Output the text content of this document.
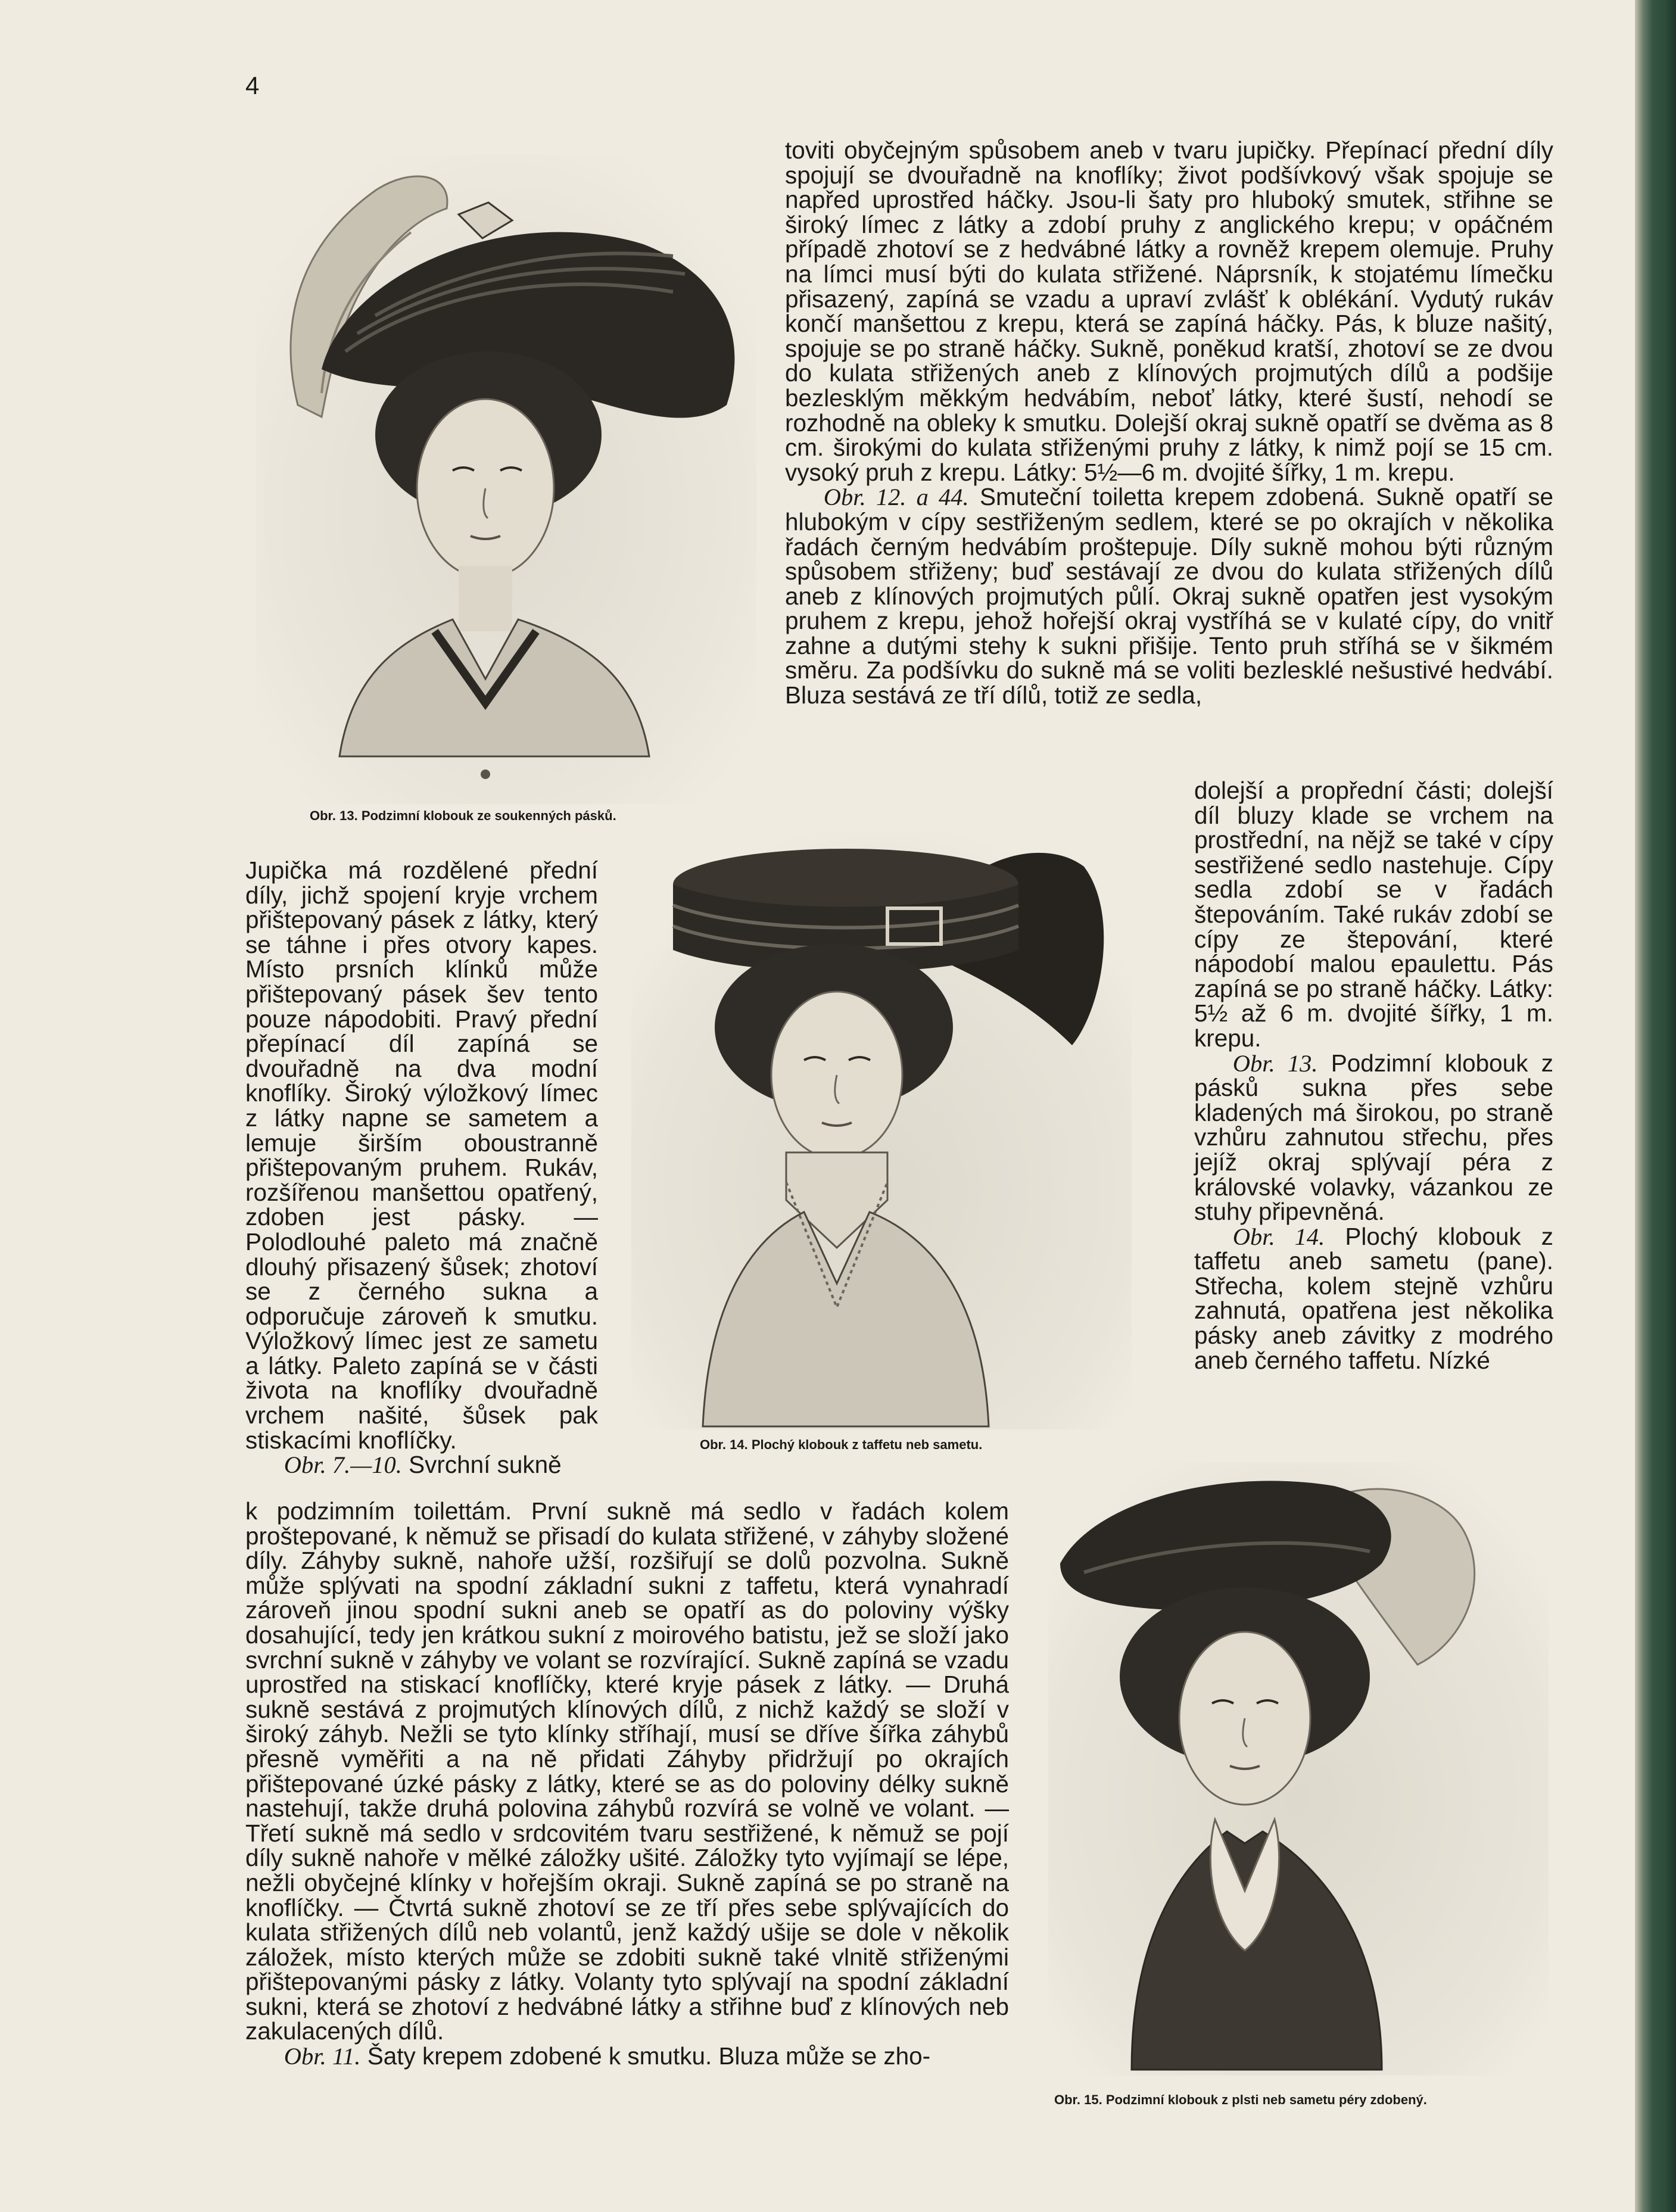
4
Obr. 13. Podzimní klobouk ze soukenných pásků.
Obr. 14. Plochý klobouk z taffetu neb sametu.
Obr. 15. Podzimní klobouk z plsti neb sametu péry zdobený.

toviti obyčejným spůsobem aneb v tvaru jupičky. Přepínací přední díly spojují se dvouřadně na knoflíky; život podšívkový však spojuje se napřed uprostřed háčky. Jsou-li šaty pro hluboký smutek, střihne se široký límec z látky a zdobí pruhy z anglického krepu; v opáčném případě zhotoví se z hedvábné látky a rovněž krepem olemuje. Pruhy na límci musí býti do kulata střižené. Náprsník, k stojatému límečku přisazený, zapíná se vzadu a upraví zvlášť k oblékání. Vydutý rukáv končí manšettou z krepu, která se zapíná háčky. Pás, k bluze našitý, spojuje se po straně háčky. Sukně, poněkud kratší, zhotoví se ze dvou do kulata střižených aneb z klínových projmutých dílů a podšije bezlesklým měkkým hedvábím, neboť látky, které šustí, nehodí se rozhodně na obleky k smutku. Dolejší okraj sukně opatří se dvěma as 8 cm. širokými do kulata střiženými pruhy z látky, k nimž pojí se 15 cm. vysoký pruh z krepu. Látky: 5½—6 m. dvojité šířky, 1 m. krepu.

Obr. 12. a 44. Smuteční toiletta krepem zdobená. Sukně opatří se hlubokým v cípy sestřiženým sedlem, které se po okrajích v několika řadách černým hedvábím proštepuje. Díly sukně mohou býti různým spůsobem střiženy; buď sestávají ze dvou do kulata střižených dílů aneb z klínových projmutých půlí. Okraj sukně opatřen jest vysokým pruhem z krepu, jehož hořejší okraj vystříhá se v kulaté cípy, do vnitř zahne a dutými stehy k sukni přišije. Tento pruh stříhá se v šikmém směru. Za podšívku do sukně má se voliti bezlesklé nešustivé hedvábí. Bluza sestává ze tří dílů, totiž ze sedla,

dolejší a propřední části; dolejší díl bluzy klade se vrchem na prostřední, na nějž se také v cípy sestřižené sedlo nastehuje. Cípy sedla zdobí se v řadách štepováním. Také rukáv zdobí se cípy ze štepování, které nápodobí malou epaulettu. Pás zapíná se po straně háčky. Látky: 5½ až 6 m. dvojité šířky, 1 m. krepu.

Obr. 13. Podzimní klobouk z pásků sukna přes sebe kladených má širokou, po straně vzhůru zahnutou střechu, přes jejíž okraj splývají péra z královské volavky, vázankou ze stuhy připevněná.

Obr. 14. Plochý klobouk z taffetu aneb sametu (pane). Střecha, kolem stejně vzhůru zahnutá, opatřena jest několika pásky aneb závitky z modrého aneb černého taffetu. Nízké

Jupička má rozdělené přední díly, jichž spojení kryje vrchem přištepovaný pásek z látky, který se táhne i přes otvory kapes. Místo prsních klínků může přištepovaný pásek šev tento pouze nápodobiti. Pravý přední přepínací díl zapíná se dvouřadně na dva modní knoflíky. Široký výložkový límec z látky napne se sametem a lemuje širším oboustranně přištepovaným pruhem. Rukáv, rozšířenou manšettou opatřený, zdoben jest pásky. — Polodlouhé paleto má značně dlouhý přisazený šůsek; zhotoví se z černého sukna a odporučuje zároveň k smutku. Výložkový límec jest ze sametu a látky. Paleto zapíná se v části života na knoflíky dvouřadně vrchem našité, šůsek pak stiskacími knoflíčky.

Obr. 7.—10. Svrchní sukně

k podzimním toilettám. První sukně má sedlo v řadách kolem proštepované, k němuž se přisadí do kulata střižené, v záhyby složené díly. Záhyby sukně, nahoře užší, rozšiřují se dolů pozvolna. Sukně může splývati na spodní základní sukni z taffetu, která vynahradí zároveň jinou spodní sukni aneb se opatří as do poloviny výšky dosahující, tedy jen krátkou sukní z moirového batistu, jež se složí jako svrchní sukně v záhyby ve volant se rozvírající. Sukně zapíná se vzadu uprostřed na stiskací knoflíčky, které kryje pásek z látky. — Druhá sukně sestává z projmutých klínových dílů, z nichž každý se složí v široký záhyb. Nežli se tyto klínky stříhají, musí se dříve šířka záhybů přesně vyměřiti a na ně přidati Záhyby přidržují po okrajích přištepované úzké pásky z látky, které se as do poloviny délky sukně nastehují, takže druhá polovina záhybů rozvírá se volně ve volant. — Třetí sukně má sedlo v srdcovitém tvaru sestřižené, k němuž se pojí díly sukně nahoře v mělké záložky ušité. Záložky tyto vyjímají se lépe, nežli obyčejné klínky v hořejším okraji. Sukně zapíná se po straně na knoflíčky. — Čtvrtá sukně zhotoví se ze tří přes sebe splývajících do kulata střižených dílů neb volantů, jenž každý ušije se dole v několik záložek, místo kterých může se zdobiti sukně také vlnitě střiženými přištepovanými pásky z látky. Volanty tyto splývají na spodní základní sukni, která se zhotoví z hedvábné látky a střihne buď z klínových neb zakulacených dílů.

Obr. 11. Šaty krepem zdobené k smutku. Bluza může se zho-
